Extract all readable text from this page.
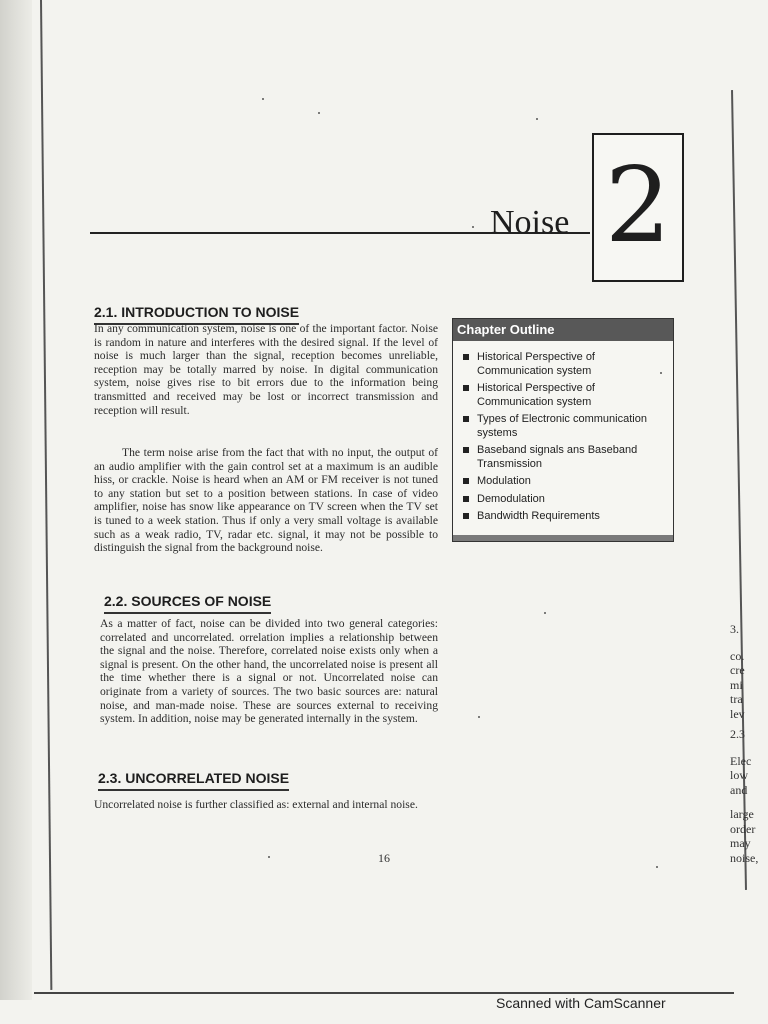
Noise 2
2.1. INTRODUCTION TO NOISE

In any communication system, noise is one of the important factor. Noise is random in nature and interferes with the desired signal. If the level of noise is much larger than the signal, reception becomes unreliable, reception may be totally marred by noise. In digital communication system, noise gives rise to bit errors due to the information being transmitted and received may be lost or incorrect transmission and reception will result.

The term noise arise from the fact that with no input, the output of an audio amplifier with the gain control set at a maximum is an audible hiss, or crackle. Noise is heard when an AM or FM receiver is not tuned to any station but set to a position between stations. In case of video amplifier, noise has snow like appearance on TV screen when the TV set is tuned to a week station. Thus if only a very small voltage is available such as a weak radio, TV, radar etc. signal, it may not be possible to distinguish the signal from the background noise.

2.2. SOURCES OF NOISE

As a matter of fact, noise can be divided into two general categories: correlated and uncorrelated. orrelation implies a relationship between the signal and the noise. Therefore, correlated noise exists only when a signal is present. On the other hand, the uncorrelated noise is present all the time whether there is a signal or not. Uncorrelated noise can originate from a variety of sources. The two basic sources are: natural noise, and man-made noise. These are sources external to receiving system. In addition, noise may be generated internally in the system.

2.3. UNCORRELATED NOISE

Uncorrelated noise is further classified as: external and internal noise.

Chapter Outline
Historical Perspective of Communication system
Historical Perspective of Communication system
Types of Electronic communication systems
Baseband signals ans Baseband Transmission
Modulation
Demodulation
Bandwidth Requirements
16
3.
co.
cre
mi
tra
lev
2.3
Elec
low
and
large
order
may
noise,
Scanned with CamScanner
